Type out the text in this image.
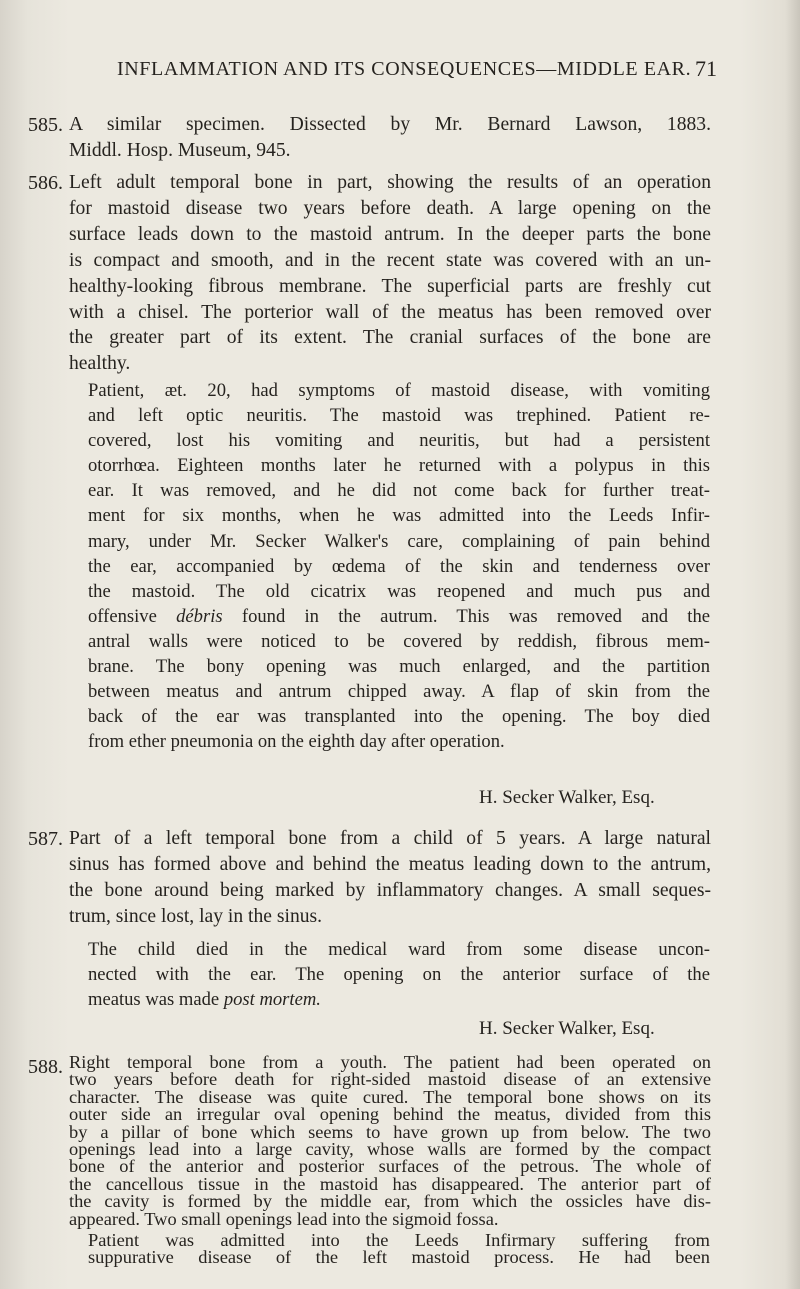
INFLAMMATION AND ITS CONSEQUENCES—MIDDLE EAR. 71
585. A similar specimen. Dissected by Mr. Bernard Lawson, 1883.
Middl. Hosp. Museum, 945.
586. Left adult temporal bone in part, showing the results of an operation
for mastoid disease two years before death. A large opening on the
surface leads down to the mastoid antrum. In the deeper parts the bone
is compact and smooth, and in the recent state was covered with an un-
healthy-looking fibrous membrane. The superficial parts are freshly cut
with a chisel. The porterior wall of the meatus has been removed over
the greater part of its extent. The cranial surfaces of the bone are
healthy.
Patient, æt. 20, had symptoms of mastoid disease, with vomiting
and left optic neuritis. The mastoid was trephined. Patient re-
covered, lost his vomiting and neuritis, but had a persistent
otorrhœa. Eighteen months later he returned with a polypus in this
ear. It was removed, and he did not come back for further treat-
ment for six months, when he was admitted into the Leeds Infir-
mary, under Mr. Secker Walker's care, complaining of pain behind
the ear, accompanied by œdema of the skin and tenderness over
the mastoid. The old cicatrix was reopened and much pus and
offensive débris found in the autrum. This was removed and the
antral walls were noticed to be covered by reddish, fibrous mem-
brane. The bony opening was much enlarged, and the partition
between meatus and antrum chipped away. A flap of skin from the
back of the ear was transplanted into the opening. The boy died
from ether pneumonia on the eighth day after operation.
H. Secker Walker, Esq.
587. Part of a left temporal bone from a child of 5 years. A large natural
sinus has formed above and behind the meatus leading down to the antrum,
the bone around being marked by inflammatory changes. A small seques-
trum, since lost, lay in the sinus.
The child died in the medical ward from some disease uncon-
nected with the ear. The opening on the anterior surface of the
meatus was made post mortem.
H. Secker Walker, Esq.
588. Right temporal bone from a youth. The patient had been operated on
two years before death for right-sided mastoid disease of an extensive
character. The disease was quite cured. The temporal bone shows on its
outer side an irregular oval opening behind the meatus, divided from this
by a pillar of bone which seems to have grown up from below. The two
openings lead into a large cavity, whose walls are formed by the compact
bone of the anterior and posterior surfaces of the petrous. The whole of
the cancellous tissue in the mastoid has disappeared. The anterior part of
the cavity is formed by the middle ear, from which the ossicles have dis-
appeared. Two small openings lead into the sigmoid fossa.
Patient was admitted into the Leeds Infirmary suffering from
suppurative disease of the left mastoid process. He had been
